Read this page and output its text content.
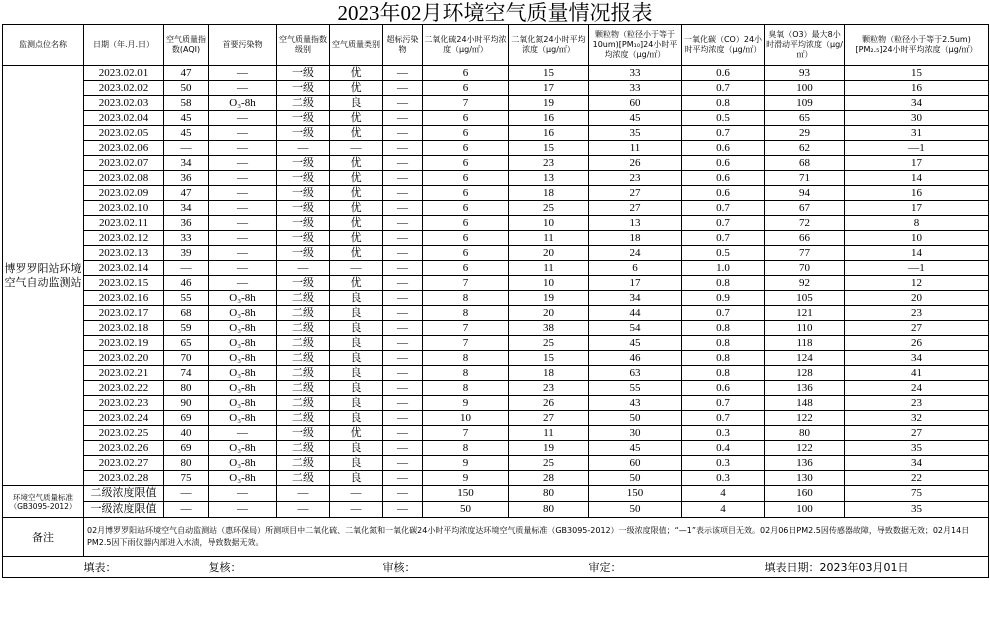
2023年02月环境空气质量情况报表
监测点位名称	日期（年.月.日）	空气质量指数(AQI)	首要污染物	空气质量指数级别	空气质量类别	超标污染物	二氧化硫24小时平均浓度（μg/㎡）	二氧化氮24小时平均浓度（μg/㎡）	颗粒物（粒径小于等于10um)[PM₁₀]24小时平均浓度（μg/㎡）	一氧化碳（CO）24小时平均浓度（μg/㎡）	臭氧（O3）最大8小时滑动平均浓度（μg/㎡）	颗粒物（粒径小于等于2.5um)[PM₂.₅]24小时平均浓度（μg/㎡）
博罗罗阳站环境空气自动监测站	2023.02.01	47	—	一级	优	—	6	15	33	0.6	93	15
	2023.02.02	50	—	一级	优	—	6	17	33	0.7	100	16
	2023.02.03	58	O₃-8h	二级	良	—	7	19	60	0.8	109	34
	2023.02.04	45	—	一级	优	—	6	16	45	0.5	65	30
	2023.02.05	45	—	一级	优	—	6	16	35	0.7	29	31
	2023.02.06	—	—	—	—	—	6	15	11	0.6	62	—1
	2023.02.07	34	—	一级	优	—	6	23	26	0.6	68	17
	2023.02.08	36	—	一级	优	—	6	13	23	0.6	71	14
	2023.02.09	47	—	一级	优	—	6	18	27	0.6	94	16
	2023.02.10	34	—	一级	优	—	6	25	27	0.7	67	17
	2023.02.11	36	—	一级	优	—	6	10	13	0.7	72	8
	2023.02.12	33	—	一级	优	—	6	11	18	0.7	66	10
	2023.02.13	39	—	一级	优	—	6	20	24	0.5	77	14
	2023.02.14	—	—	—	—	—	6	11	6	1.0	70	—1
	2023.02.15	46	—	一级	优	—	7	10	17	0.8	92	12
	2023.02.16	55	O₃-8h	二级	良	—	8	19	34	0.9	105	20
	2023.02.17	68	O₃-8h	二级	良	—	8	20	44	0.7	121	23
	2023.02.18	59	O₃-8h	二级	良	—	7	38	54	0.8	110	27
	2023.02.19	65	O₃-8h	二级	良	—	7	25	45	0.8	118	26
	2023.02.20	70	O₃-8h	二级	良	—	8	15	46	0.8	124	34
	2023.02.21	74	O₃-8h	二级	良	—	8	18	63	0.8	128	41
	2023.02.22	80	O₃-8h	二级	良	—	8	23	55	0.6	136	24
	2023.02.23	90	O₃-8h	二级	良	—	9	26	43	0.7	148	23
	2023.02.24	69	O₃-8h	二级	良	—	10	27	50	0.7	122	32
	2023.02.25	40	—	一级	优	—	7	11	30	0.3	80	27
	2023.02.26	69	O₃-8h	二级	良	—	8	19	45	0.4	122	35
	2023.02.27	80	O₃-8h	二级	良	—	9	25	60	0.3	136	34
	2023.02.28	75	O₃-8h	二级	良	—	9	28	50	0.3	130	22
环境空气质量标准（GB3095-2012）	二级浓度限值	—	—	—	—	—	150	80	150	4	160	75
	一级浓度限值	—	—	—	—	—	50	80	50	4	100	35
备注	02月博罗罗阳站环境空气自动监测站（惠环保局）所测项目中二氧化硫、二氧化氮和一氧化碳24小时平均浓度达环境空气质量标准（GB3095-2012）一级浓度限值；“—1”表示该项目无效。02月06日PM2.5因传感器故障，导致数据无效；02月14日PM2.5因下雨仪器内部进入水渍，导致数据无效。											
	填表：		复核：			审核：			审定：		填表日期：2023年03月01日	
